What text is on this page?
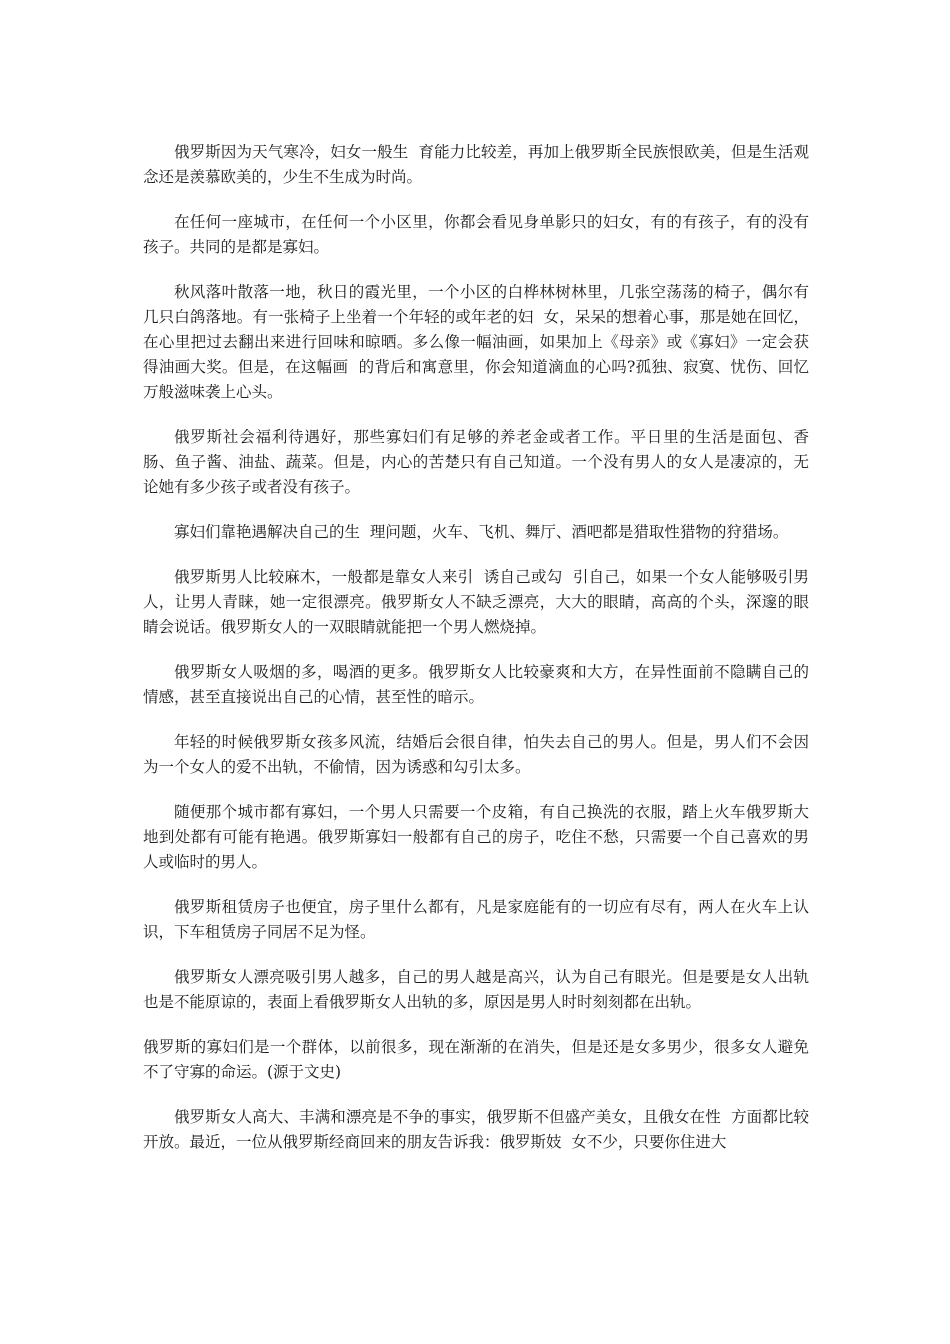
俄罗斯因为天气寒冷，妇女一般生  育能力比较差，再加上俄罗斯全民族恨欧美，但是生活观念还是羡慕欧美的，少生不生成为时尚。

在任何一座城市，在任何一个小区里，你都会看见身单影只的妇女，有的有孩子，有的没有孩子。共同的是都是寡妇。

秋风落叶散落一地，秋日的霞光里，一个小区的白桦林树林里，几张空荡荡的椅子，偶尔有几只白鸽落地。有一张椅子上坐着一个年轻的或年老的妇  女，呆呆的想着心事，那是她在回忆，在心里把过去翻出来进行回味和晾晒。多么像一幅油画，如果加上《母亲》或《寡妇》一定会获得油画大奖。但是，在这幅画  的背后和寓意里，你会知道滴血的心吗?孤独、寂寞、忧伤、回忆万般滋味袭上心头。

俄罗斯社会福利待遇好，那些寡妇们有足够的养老金或者工作。平日里的生活是面包、香肠、鱼子酱、油盐、蔬菜。但是，内心的苦楚只有自己知道。一个没有男人的女人是凄凉的，无论她有多少孩子或者没有孩子。

寡妇们靠艳遇解决自己的生  理问题，火车、飞机、舞厅、酒吧都是猎取性猎物的狩猎场。

俄罗斯男人比较麻木，一般都是靠女人来引  诱自己或勾  引自己，如果一个女人能够吸引男人，让男人青睐，她一定很漂亮。俄罗斯女人不缺乏漂亮，大大的眼睛，高高的个头，深邃的眼睛会说话。俄罗斯女人的一双眼睛就能把一个男人燃烧掉。

俄罗斯女人吸烟的多，喝酒的更多。俄罗斯女人比较豪爽和大方，在异性面前不隐瞒自己的情感，甚至直接说出自己的心情，甚至性的暗示。

年轻的时候俄罗斯女孩多风流，结婚后会很自律，怕失去自己的男人。但是，男人们不会因为一个女人的爱不出轨，不偷情，因为诱惑和勾引太多。

随便那个城市都有寡妇，一个男人只需要一个皮箱，有自己换洗的衣服，踏上火车俄罗斯大地到处都有可能有艳遇。俄罗斯寡妇一般都有自己的房子，吃住不愁，只需要一个自己喜欢的男人或临时的男人。

俄罗斯租赁房子也便宜，房子里什么都有，凡是家庭能有的一切应有尽有，两人在火车上认识，下车租赁房子同居不足为怪。

俄罗斯女人漂亮吸引男人越多，自己的男人越是高兴，认为自己有眼光。但是要是女人出轨也是不能原谅的，表面上看俄罗斯女人出轨的多，原因是男人时时刻刻都在出轨。

俄罗斯的寡妇们是一个群体，以前很多，现在渐渐的在消失，但是还是女多男少，很多女人避免不了守寡的命运。(源于文史)

俄罗斯女人高大、丰满和漂亮是不争的事实，俄罗斯不但盛产美女，且俄女在性  方面都比较开放。最近，一位从俄罗斯经商回来的朋友告诉我：俄罗斯妓  女不少，只要你住进大
